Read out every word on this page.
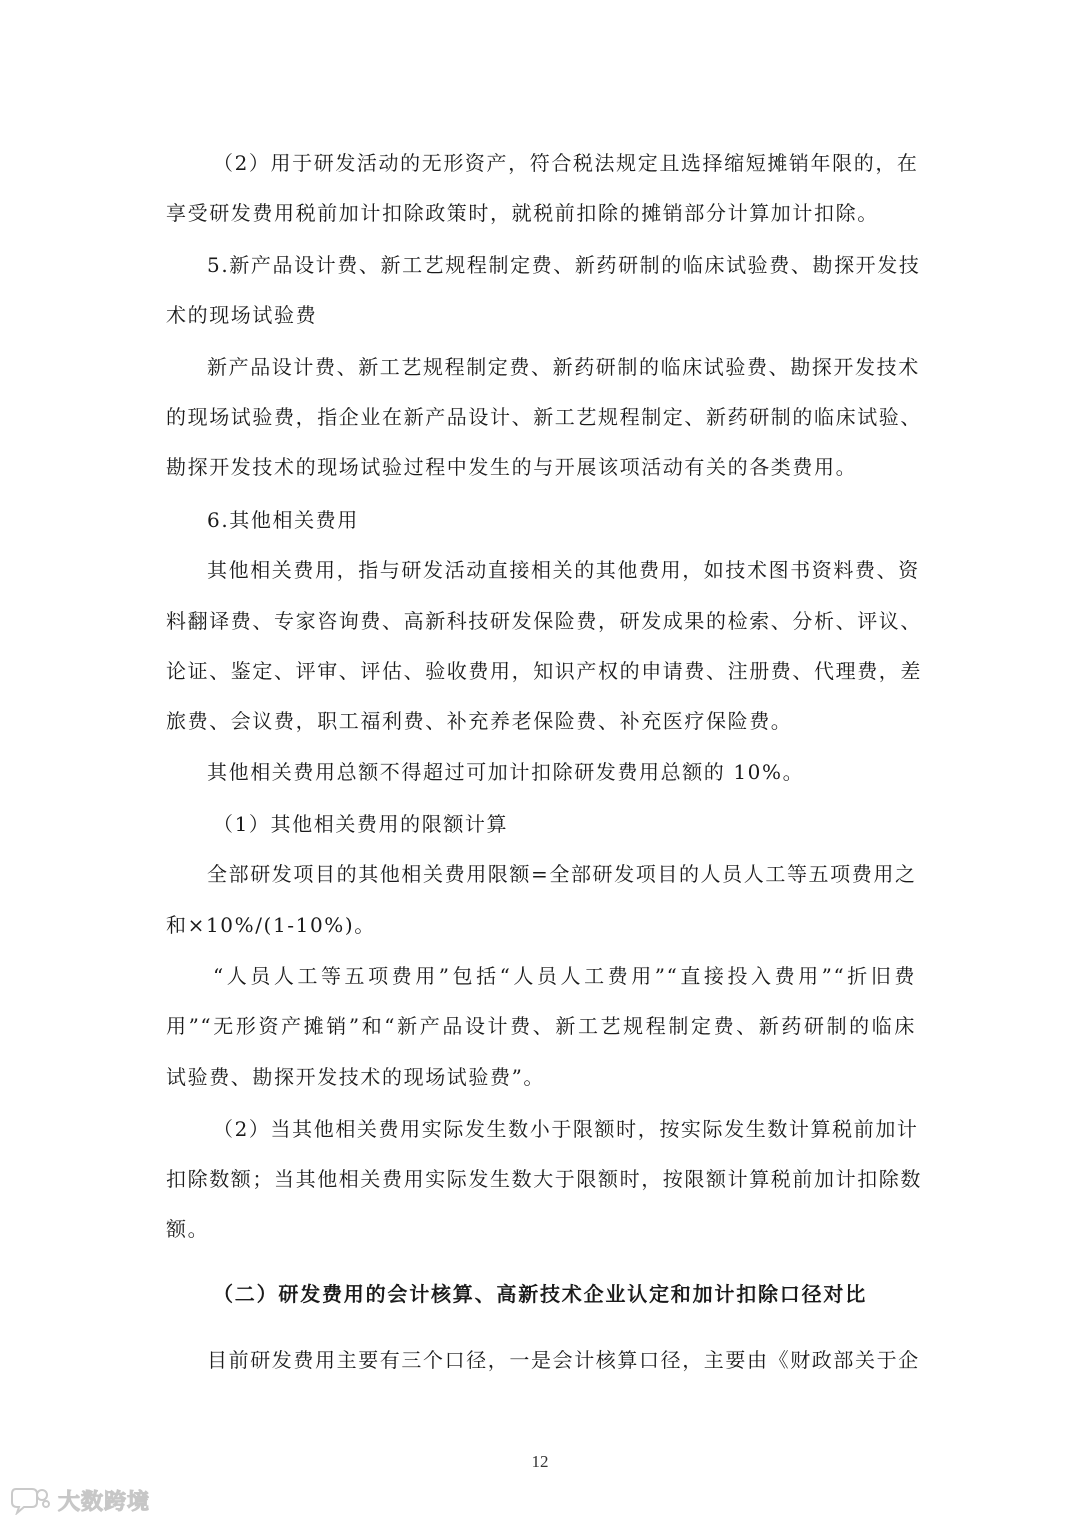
（2）用于研发活动的无形资产，符合税法规定且选择缩短摊销年限的，在
享受研发费用税前加计扣除政策时，就税前扣除的摊销部分计算加计扣除。
5.新产品设计费、新工艺规程制定费、新药研制的临床试验费、勘探开发技
术的现场试验费
新产品设计费、新工艺规程制定费、新药研制的临床试验费、勘探开发技术
的现场试验费，指企业在新产品设计、新工艺规程制定、新药研制的临床试验、
勘探开发技术的现场试验过程中发生的与开展该项活动有关的各类费用。
6.其他相关费用
其他相关费用，指与研发活动直接相关的其他费用，如技术图书资料费、资
料翻译费、专家咨询费、高新科技研发保险费，研发成果的检索、分析、评议、
论证、鉴定、评审、评估、验收费用，知识产权的申请费、注册费、代理费，差
旅费、会议费，职工福利费、补充养老保险费、补充医疗保险费。
其他相关费用总额不得超过可加计扣除研发费用总额的 10%。
（1）其他相关费用的限额计算
全部研发项目的其他相关费用限额=全部研发项目的人员人工等五项费用之
和×10%/(1-10%)。
“人员人工等五项费用”包括“人员人工费用”“直接投入费用”“折旧费
用”“无形资产摊销”和“新产品设计费、新工艺规程制定费、新药研制的临床
试验费、勘探开发技术的现场试验费”。
（2）当其他相关费用实际发生数小于限额时，按实际发生数计算税前加计
扣除数额；当其他相关费用实际发生数大于限额时，按限额计算税前加计扣除数
额。
（二）研发费用的会计核算、高新技术企业认定和加计扣除口径对比
目前研发费用主要有三个口径，一是会计核算口径，主要由《财政部关于企
12
大数跨境
